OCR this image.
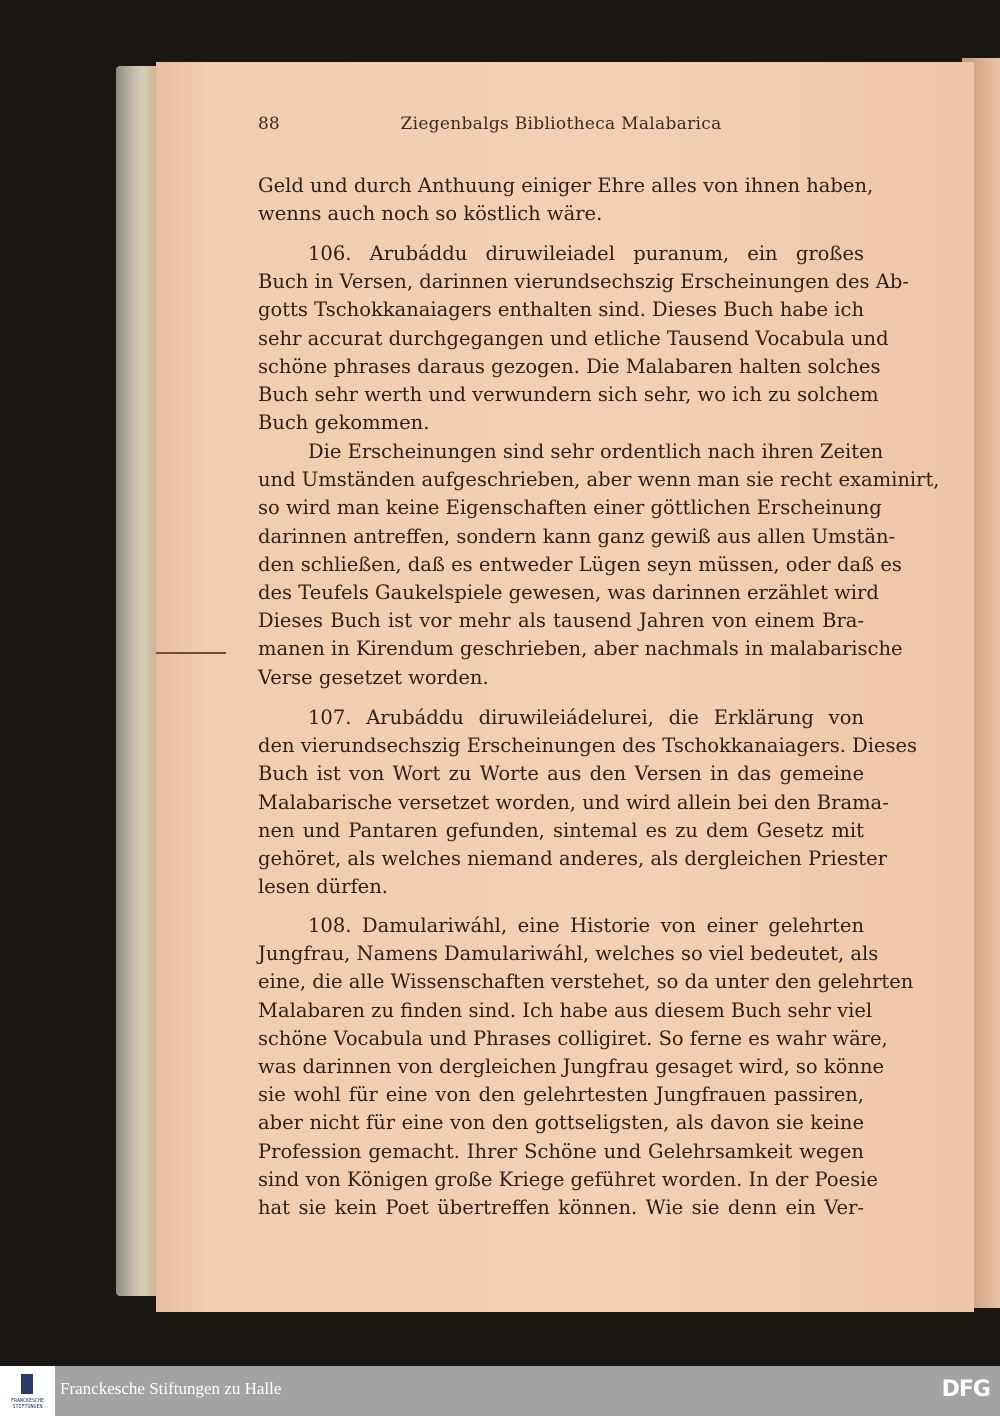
88	Ziegenbalgs Bibliotheca Malabarica
Geld und durch Anthuung einiger Ehre alles von ihnen haben,
wenns auch noch so köstlich wäre.
106. Arubáddu diruwileiadel puranum, ein großes
Buch in Versen, darinnen vierundsechszig Erscheinungen des Ab-
gotts Tschokkanaiagers enthalten sind. Dieses Buch habe ich
sehr accurat durchgegangen und etliche Tausend Vocabula und
schöne phrases daraus gezogen. Die Malabaren halten solches
Buch sehr werth und verwundern sich sehr, wo ich zu solchem
Buch gekommen.
Die Erscheinungen sind sehr ordentlich nach ihren Zeiten
und Umständen aufgeschrieben, aber wenn man sie recht examinirt,
so wird man keine Eigenschaften einer göttlichen Erscheinung
darinnen antreffen, sondern kann ganz gewiß aus allen Umstän-
den schließen, daß es entweder Lügen seyn müssen, oder daß es
des Teufels Gaukelspiele gewesen, was darinnen erzählet wird
Dieses Buch ist vor mehr als tausend Jahren von einem Bra-
manen in Kirendum geschrieben, aber nachmals in malabarische
Verse gesetzet worden.
107. Arubáddu diruwileiádelurei, die Erklärung von
den vierundsechszig Erscheinungen des Tschokkanaiagers. Dieses
Buch ist von Wort zu Worte aus den Versen in das gemeine
Malabarische versetzet worden, und wird allein bei den Brama-
nen und Pantaren gefunden, sintemal es zu dem Gesetz mit
gehöret, als welches niemand anderes, als dergleichen Priester
lesen dürfen.
108. Damulariwáhl, eine Historie von einer gelehrten
Jungfrau, Namens Damulariwáhl, welches so viel bedeutet, als
eine, die alle Wissenschaften verstehet, so da unter den gelehrten
Malabaren zu finden sind. Ich habe aus diesem Buch sehr viel
schöne Vocabula und Phrases colligiret. So ferne es wahr wäre,
was darinnen von dergleichen Jungfrau gesaget wird, so könne
sie wohl für eine von den gelehrtesten Jungfrauen passiren,
aber nicht für eine von den gottseligsten, als davon sie keine
Profession gemacht. Ihrer Schöne und Gelehrsamkeit wegen
sind von Königen große Kriege geführet worden. In der Poesie
hat sie kein Poet übertreffen können. Wie sie denn ein Ver-
FRANCKESCHE STIFTUNGEN
Franckesche Stiftungen zu Halle	DFG
